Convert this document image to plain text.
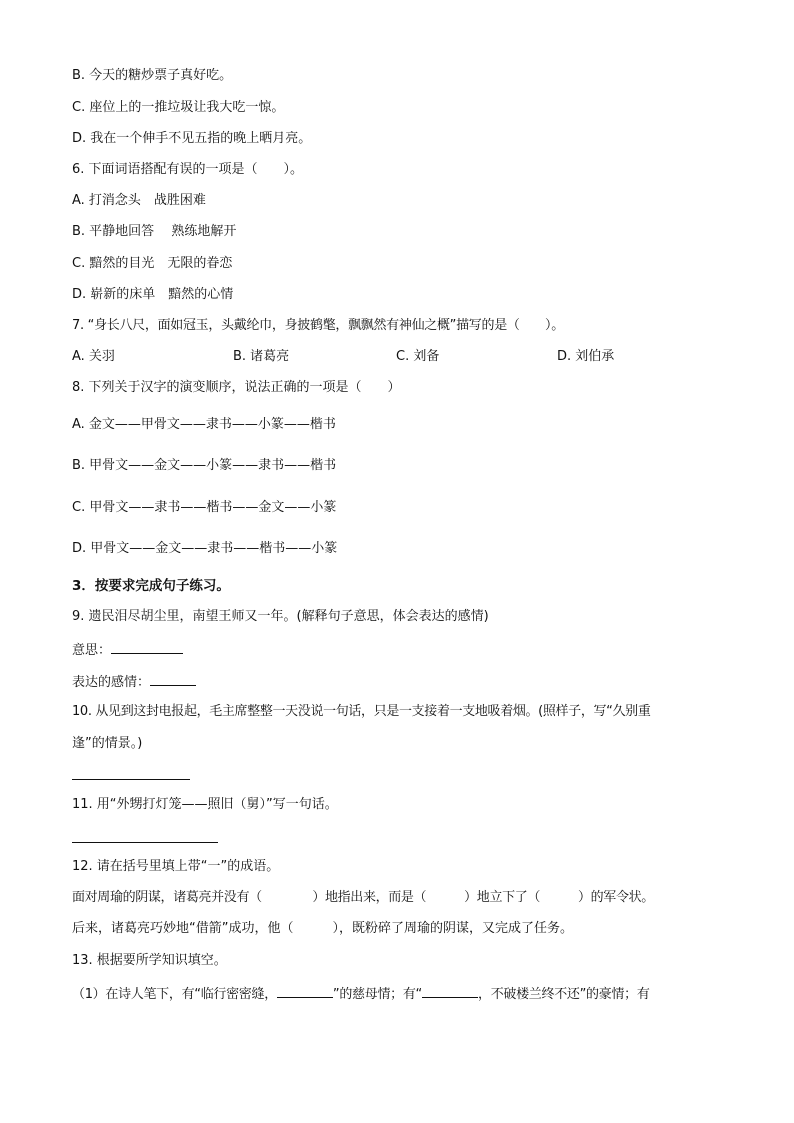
B. 今天的糖炒票子真好吃。
C. 座位上的一推垃圾让我大吃一惊。
D. 我在一个伸手不见五指的晚上晒月亮。
6. 下面词语搭配有误的一项是（　　）。
A. 打消念头　战胜困难
B. 平静地回答　 熟练地解开
C. 黯然的目光　无限的眷恋
D. 崭新的床单　黯然的心情
7. “身长八尺，面如冠玉，头戴纶巾，身披鹤氅，飘飘然有神仙之概”描写的是（　　）。
A. 关羽	B. 诸葛亮	C. 刘备	D. 刘伯承
8. 下列关于汉字的演变顺序，说法正确的一项是（　　）
A. 金文——甲骨文——隶书——小篆——楷书
B. 甲骨文——金文——小篆——隶书——楷书
C. 甲骨文——隶书——楷书——金文——小篆
D. 甲骨文——金文——隶书——楷书——小篆
3．按要求完成句子练习。
9. 遗民泪尽胡尘里，南望王师又一年。(解释句子意思，体会表达的感情)
意思：
表达的感情：
10. 从见到这封电报起，毛主席整整一天没说一句话，只是一支接着一支地吸着烟。(照样子，写“久别重
逢”的情景。)
11. 用“外甥打灯笼——照旧（舅）”写一句话。
12. 请在括号里填上带“一”的成语。
面对周瑜的阴谋，诸葛亮并没有（　　　　）地指出来，而是（　　　）地立下了（　　　）的军令状。
后来，诸葛亮巧妙地“借箭”成功，他（　　　），既粉碎了周瑜的阴谋，又完成了任务。
13. 根据要所学知识填空。
（1）在诗人笔下，有“临行密密缝，	”的慈母情；有“	，不破楼兰终不还”的豪情；有
